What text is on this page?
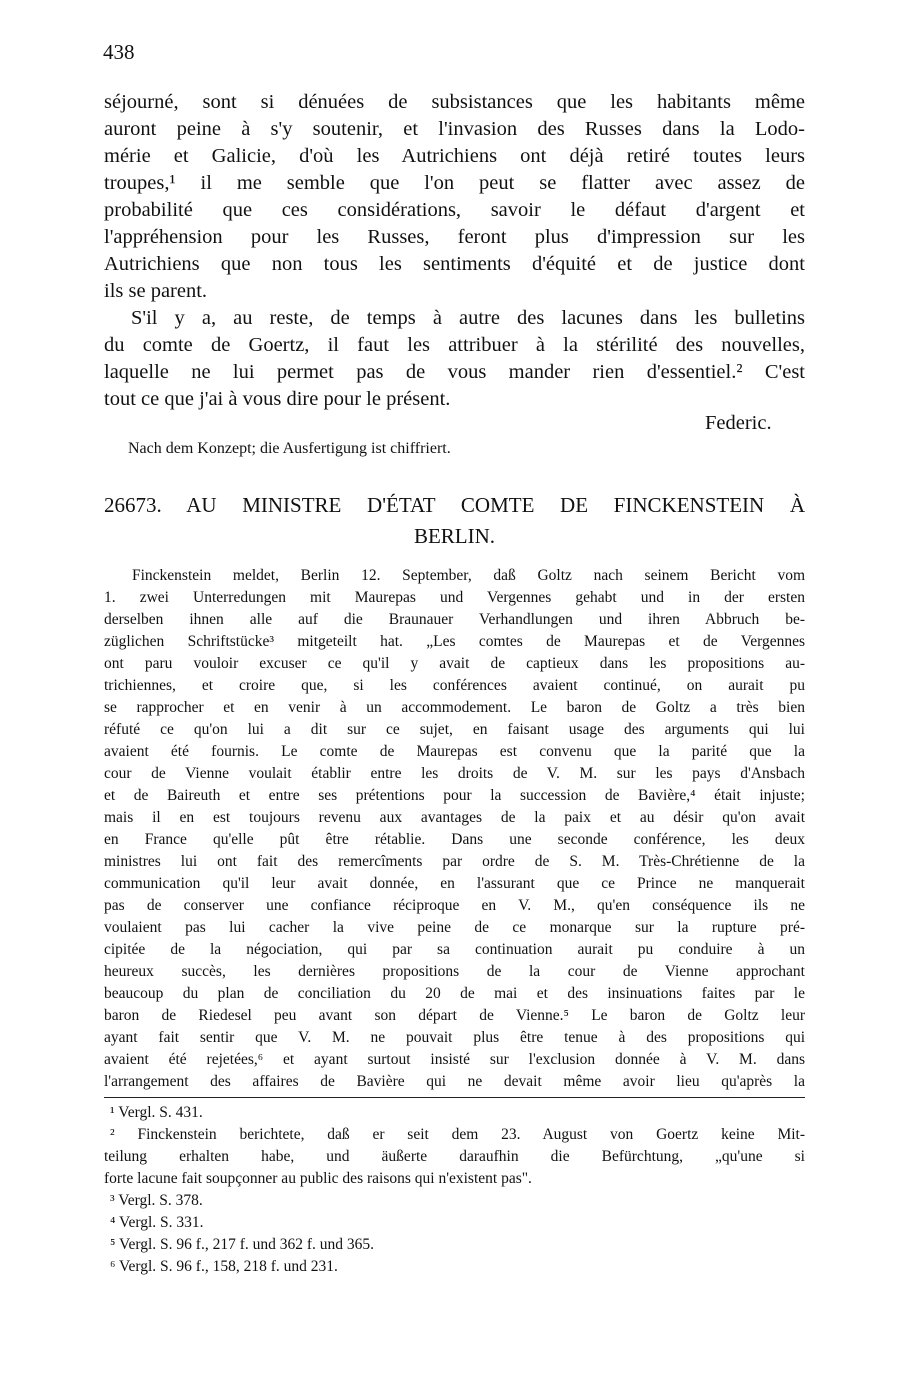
438
séjourné, sont si dénuées de subsistances que les habitants même
auront peine à s'y soutenir, et l'invasion des Russes dans la Lodo-
mérie et Galicie, d'où les Autrichiens ont déjà retiré toutes leurs
troupes,¹ il me semble que l'on peut se flatter avec assez de
probabilité que ces considérations, savoir le défaut d'argent et
l'appréhension pour les Russes, feront plus d'impression sur les
Autrichiens que non tous les sentiments d'équité et de justice dont
ils se parent.
S'il y a, au reste, de temps à autre des lacunes dans les bulletins
du comte de Goertz, il faut les attribuer à la stérilité des nouvelles,
laquelle ne lui permet pas de vous mander rien d'essentiel.² C'est
tout ce que j'ai à vous dire pour le présent.
Federic.
Nach dem Konzept; die Ausfertigung ist chiffriert.
26673. AU MINISTRE D'ÉTAT COMTE DE FINCKENSTEIN À
BERLIN.
Finckenstein meldet, Berlin 12. September, daß Goltz nach seinem Bericht vom
1. zwei Unterredungen mit Maurepas und Vergennes gehabt und in der ersten
derselben ihnen alle auf die Braunauer Verhandlungen und ihren Abbruch be-
züglichen Schriftstücke³ mitgeteilt hat. „Les comtes de Maurepas et de Vergennes
ont paru vouloir excuser ce qu'il y avait de captieux dans les propositions au-
trichiennes, et croire que, si les conférences avaient continué, on aurait pu
se rapprocher et en venir à un accommodement. Le baron de Goltz a très bien
réfuté ce qu'on lui a dit sur ce sujet, en faisant usage des arguments qui lui
avaient été fournis. Le comte de Maurepas est convenu que la parité que la
cour de Vienne voulait établir entre les droits de V. M. sur les pays d'Ansbach
et de Baireuth et entre ses prétentions pour la succession de Bavière,⁴ était injuste;
mais il en est toujours revenu aux avantages de la paix et au désir qu'on avait
en France qu'elle pût être rétablie. Dans une seconde conférence, les deux
ministres lui ont fait des remercîments par ordre de S. M. Très-Chrétienne de la
communication qu'il leur avait donnée, en l'assurant que ce Prince ne manquerait
pas de conserver une confiance réciproque en V. M., qu'en conséquence ils ne
voulaient pas lui cacher la vive peine de ce monarque sur la rupture pré-
cipitée de la négociation, qui par sa continuation aurait pu conduire à un
heureux succès, les dernières propositions de la cour de Vienne approchant
beaucoup du plan de conciliation du 20 de mai et des insinuations faites par le
baron de Riedesel peu avant son départ de Vienne.⁵ Le baron de Goltz leur
ayant fait sentir que V. M. ne pouvait plus être tenue à des propositions qui
avaient été rejetées,⁶ et ayant surtout insisté sur l'exclusion donnée à V. M. dans
l'arrangement des affaires de Bavière qui ne devait même avoir lieu qu'après la
¹ Vergl. S. 431.
² Finckenstein berichtete, daß er seit dem 23. August von Goertz keine Mit-
teilung erhalten habe, und äußerte daraufhin die Befürchtung, „qu'une si
forte lacune fait soupçonner au public des raisons qui n'existent pas".
³ Vergl. S. 378.
⁴ Vergl. S. 331.
⁵ Vergl. S. 96 f., 217 f. und 362 f. und 365.
⁶ Vergl. S. 96 f., 158, 218 f. und 231.
